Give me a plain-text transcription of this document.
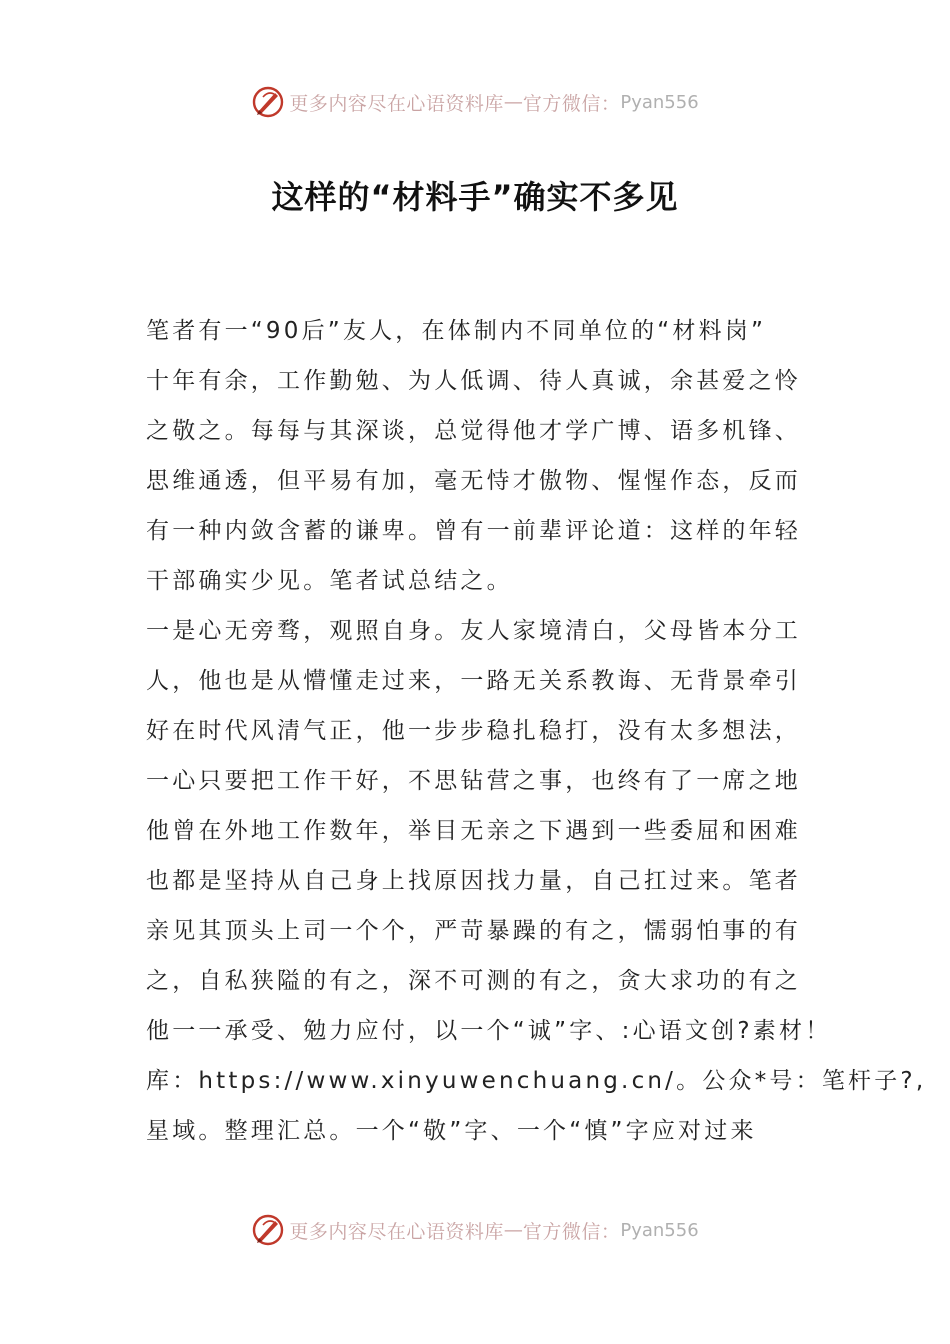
更多内容尽在心语资料库 — 官方微信： Pyan556
这样的“材料手”确实不多见
笔者有一“90后”友人，在体制内不同单位的“材料岗”
十年有余，工作勤勉、为人低调、待人真诚，余甚爱之怜
之敬之。每每与其深谈，总觉得他才学广博、语多机锋、
思维通透，但平易有加，毫无恃才傲物、惺惺作态，反而
有一种内敛含蓄的谦卑。曾有一前辈评论道：这样的年轻
干部确实少见。笔者试总结之。
一是心无旁骛，观照自身。友人家境清白，父母皆本分工
人，他也是从懵懂走过来，一路无关系教诲、无背景牵引
好在时代风清气正，他一步步稳扎稳打，没有太多想法，
一心只要把工作干好，不思钻营之事，也终有了一席之地
他曾在外地工作数年，举目无亲之下遇到一些委屈和困难
也都是坚持从自己身上找原因找力量，自己扛过来。笔者
亲见其顶头上司一个个，严苛暴躁的有之，懦弱怕事的有
之，自私狭隘的有之，深不可测的有之，贪大求功的有之
他一一承受、勉力应付，以一个“诚”字、:心语文创?素材！
库：https://www.xinyuwenchuang.cn/。公众*号：笔杆子?,
星域。整理汇总。一个“敬”字、一个“慎”字应对过来
更多内容尽在心语资料库 — 官方微信： Pyan556
